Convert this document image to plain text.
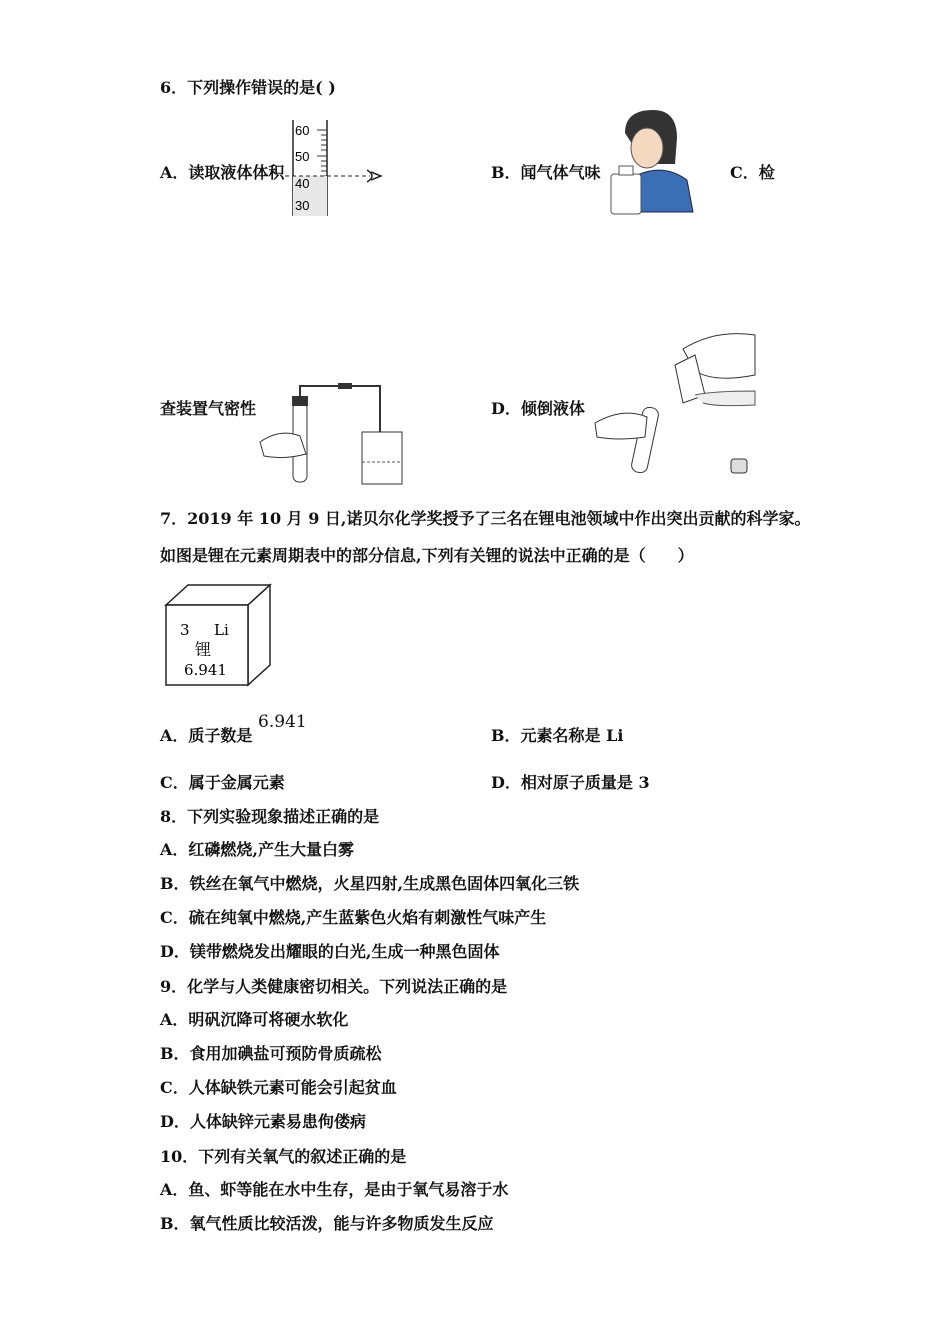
6．下列操作错误的是( )
A．读取液体体积
60
50
40
30
B．闻气体气味	C．检
查装置气密性	D．倾倒液体
7．2019 年 10 月 9 日,诺贝尔化学奖授予了三名在锂电池领域中作出突出贡献的科学家。
如图是锂在元素周期表中的部分信息,下列有关锂的说法中正确的是（　　）
3 Li
锂
6.941
A．质子数是
6.941
B．元素名称是 Li
C．属于金属元素	D．相对原子质量是 3
8．下列实验现象描述正确的是
A．红磷燃烧,产生大量白雾
B．铁丝在氧气中燃烧，火星四射,生成黑色固体四氧化三铁
C．硫在纯氧中燃烧,产生蓝紫色火焰有刺激性气味产生
D．镁带燃烧发出耀眼的白光,生成一种黑色固体
9．化学与人类健康密切相关。下列说法正确的是
A．明矾沉降可将硬水软化
B．食用加碘盐可预防骨质疏松
C．人体缺铁元素可能会引起贫血
D．人体缺锌元素易患佝偻病
10．下列有关氧气的叙述正确的是
A．鱼、虾等能在水中生存，是由于氧气易溶于水
B．氧气性质比较活泼，能与许多物质发生反应
